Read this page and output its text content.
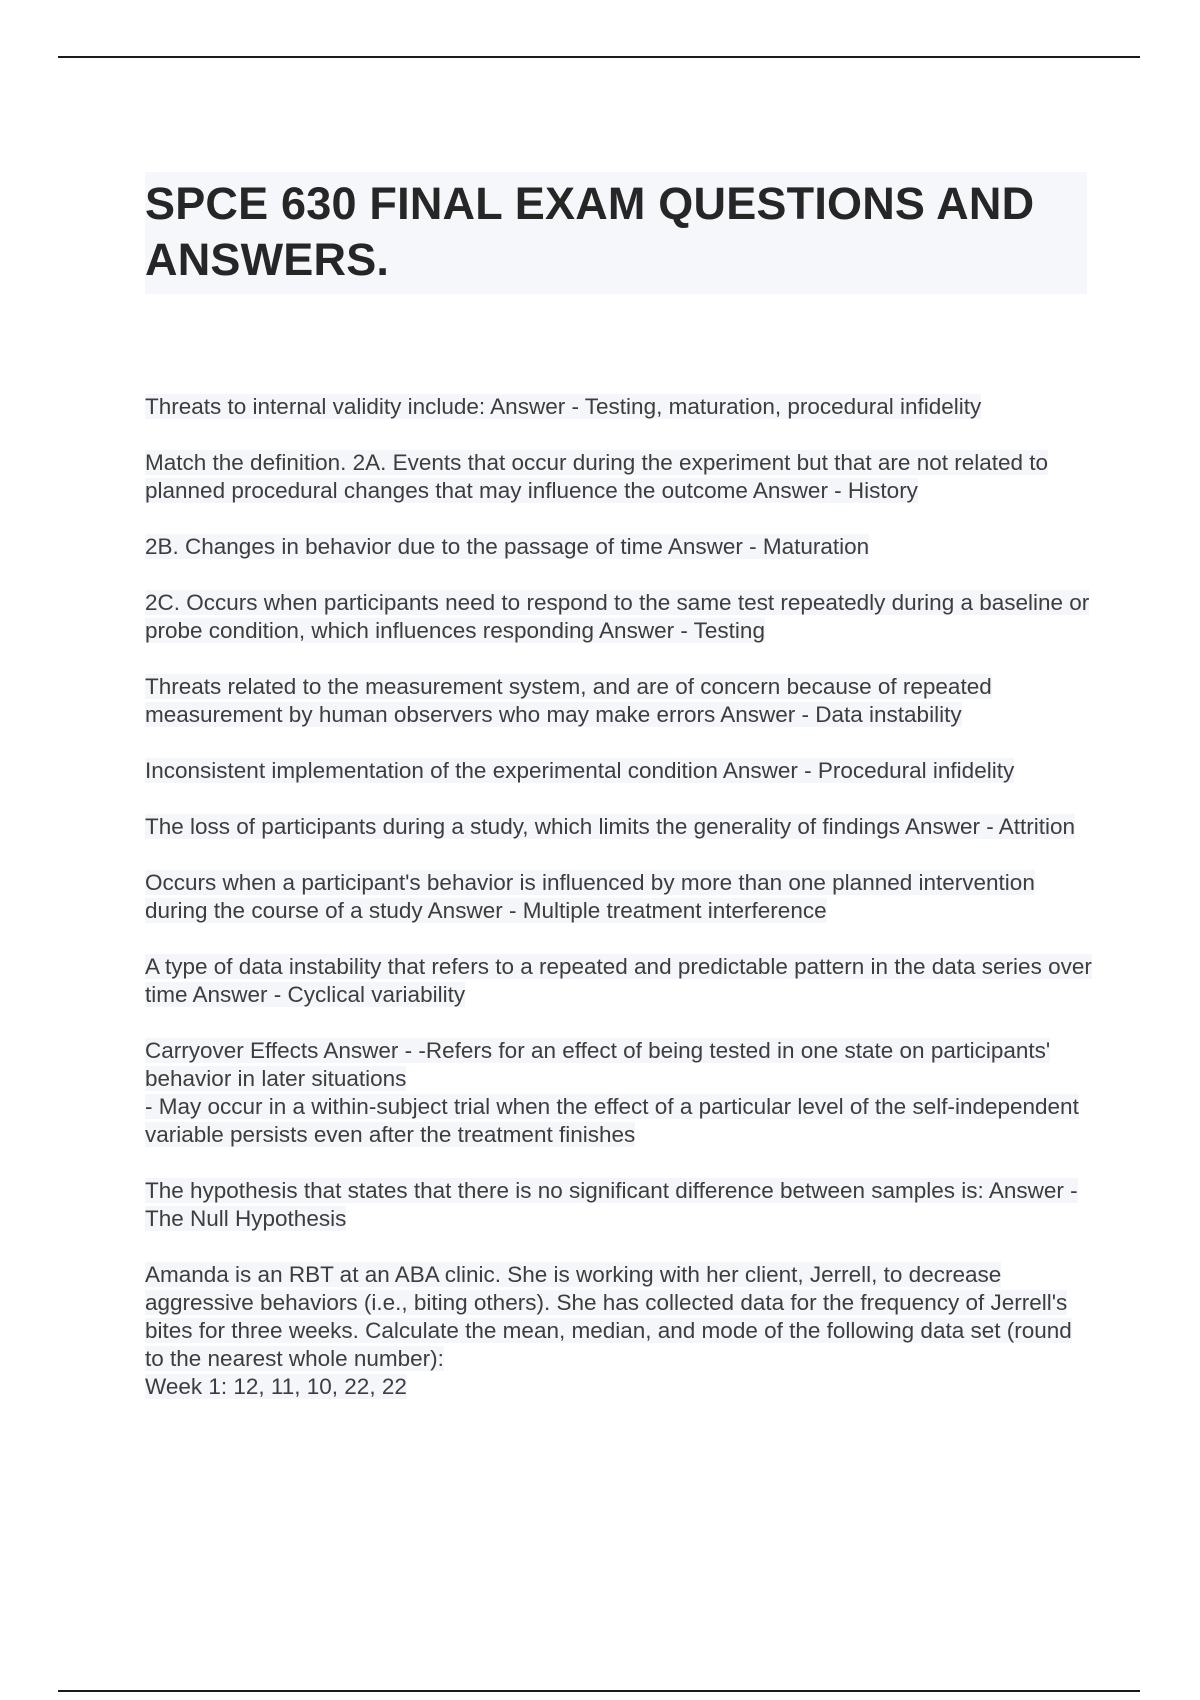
SPCE 630 FINAL EXAM QUESTIONS AND ANSWERS.

Threats to internal validity include: Answer - Testing, maturation, procedural infidelity

Match the definition. 2A. Events that occur during the experiment but that are not related to planned procedural changes that may influence the outcome Answer - History

2B. Changes in behavior due to the passage of time Answer - Maturation

2C. Occurs when participants need to respond to the same test repeatedly during a baseline or probe condition, which influences responding Answer - Testing

Threats related to the measurement system, and are of concern because of repeated measurement by human observers who may make errors Answer - Data instability

Inconsistent implementation of the experimental condition Answer - Procedural infidelity

The loss of participants during a study, which limits the generality of findings Answer - Attrition

Occurs when a participant's behavior is influenced by more than one planned intervention during the course of a study Answer - Multiple treatment interference

A type of data instability that refers to a repeated and predictable pattern in the data series over time Answer - Cyclical variability

Carryover Effects Answer - -Refers for an effect of being tested in one state on participants' behavior in later situations
- May occur in a within-subject trial when the effect of a particular level of the self-independent variable persists even after the treatment finishes

The hypothesis that states that there is no significant difference between samples is: Answer - The Null Hypothesis

Amanda is an RBT at an ABA clinic. She is working with her client, Jerrell, to decrease aggressive behaviors (i.e., biting others). She has collected data for the frequency of Jerrell's bites for three weeks. Calculate the mean, median, and mode of the following data set (round to the nearest whole number):
Week 1: 12, 11, 10, 22, 22
